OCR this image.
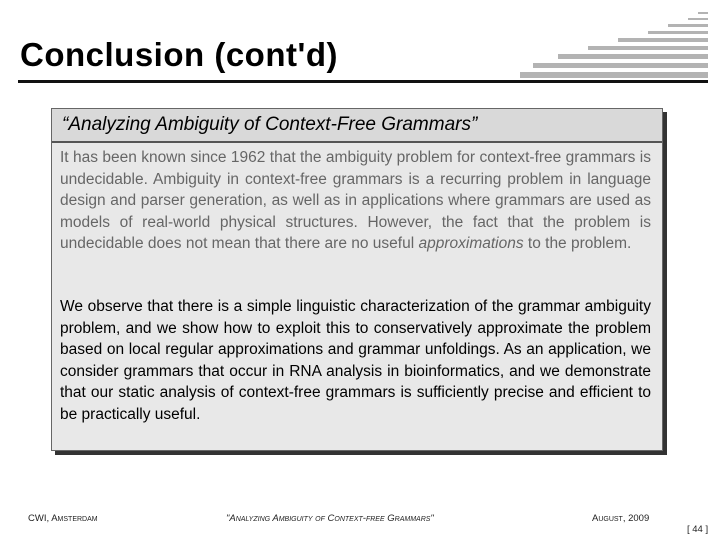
Conclusion (cont'd)
“Analyzing Ambiguity of Context-Free Grammars”
It has been known since 1962 that the ambiguity problem for context-free grammars is undecidable. Ambiguity in context-free grammars is a recurring problem in language design and parser generation, as well as in applications where grammars are used as models of real-world physical structures. However, the fact that the problem is undecidable does not mean that there are no useful approximations to the problem.
We observe that there is a simple linguistic characterization of the grammar ambiguity problem, and we show how to exploit this to conservatively approximate the problem based on local regular approximations and grammar unfoldings. As an application, we consider grammars that occur in RNA analysis in bioinformatics, and we demonstrate that our static analysis of context-free grammars is sufficiently precise and efficient to be practically useful.
CWI, Amsterdam	"Analyzing Ambiguity of Context-free Grammars"	August, 2009
[ 44 ]
